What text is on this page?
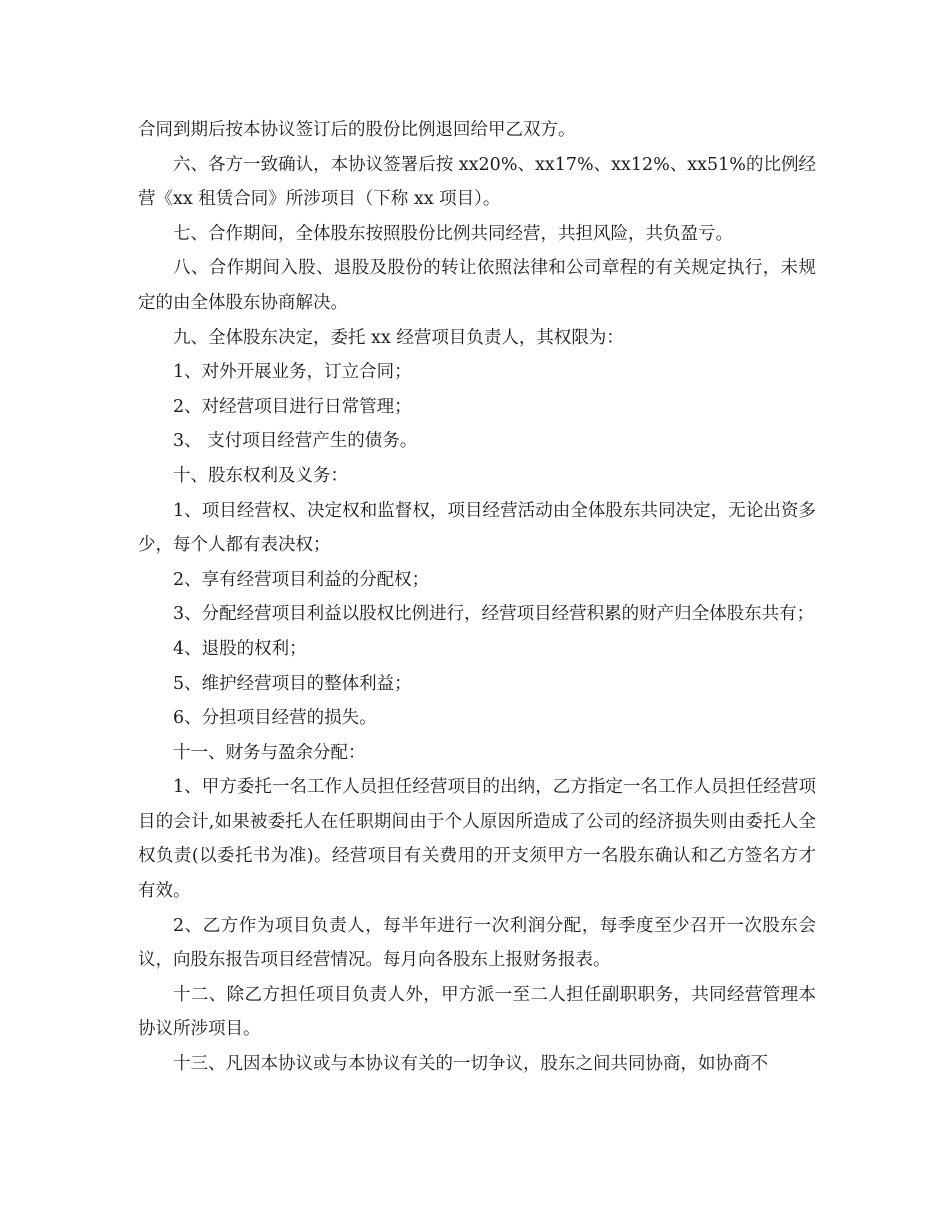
合同到期后按本协议签订后的股份比例退回给甲乙双方。

六、各方一致确认，本协议签署后按 xx20%、xx17%、xx12%、xx51%的比例经营《xx 租赁合同》所涉项目（下称 xx 项目）。

七、合作期间，全体股东按照股份比例共同经营，共担风险，共负盈亏。

八、合作期间入股、退股及股份的转让依照法律和公司章程的有关规定执行，未规定的由全体股东协商解决。

九、全体股东决定，委托 xx 经营项目负责人，其权限为：

1、对外开展业务，订立合同；

2、对经营项目进行日常管理；

3、 支付项目经营产生的债务。

十、股东权利及义务：

1、项目经营权、决定权和监督权，项目经营活动由全体股东共同决定，无论出资多少，每个人都有表决权；

2、享有经营项目利益的分配权；

3、分配经营项目利益以股权比例进行，经营项目经营积累的财产归全体股东共有；

4、退股的权利；

5、维护经营项目的整体利益；

6、分担项目经营的损失。

十一、财务与盈余分配：

1、甲方委托一名工作人员担任经营项目的出纳，乙方指定一名工作人员担任经营项目的会计,如果被委托人在任职期间由于个人原因所造成了公司的经济损失则由委托人全权负责(以委托书为准)。经营项目有关费用的开支须甲方一名股东确认和乙方签名方才有效。

2、乙方作为项目负责人，每半年进行一次利润分配，每季度至少召开一次股东会议，向股东报告项目经营情况。每月向各股东上报财务报表。

十二、除乙方担任项目负责人外，甲方派一至二人担任副职职务，共同经营管理本协议所涉项目。

十三、凡因本协议或与本协议有关的一切争议，股东之间共同协商，如协商不
